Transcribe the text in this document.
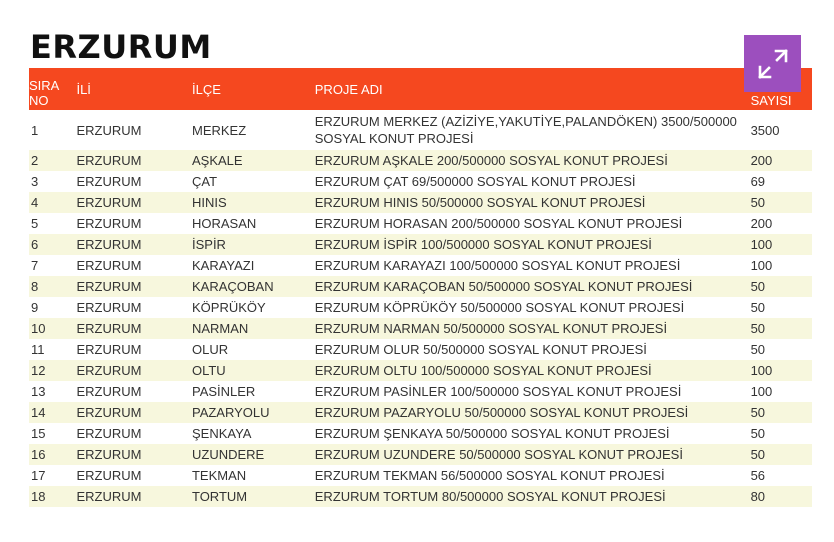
ERZURUM
SIRA NO	İLİ	İLÇE	PROJE ADI	SAYISI
1	ERZURUM	MERKEZ	ERZURUM MERKEZ (AZİZİYE,YAKUTİYE,PALANDÖKEN) 3500/500000 SOSYAL KONUT PROJESİ	3500
2	ERZURUM	AŞKALE	ERZURUM AŞKALE 200/500000 SOSYAL KONUT PROJESİ	200
3	ERZURUM	ÇAT	ERZURUM ÇAT 69/500000 SOSYAL KONUT PROJESİ	69
4	ERZURUM	HINIS	ERZURUM HINIS 50/500000 SOSYAL KONUT PROJESİ	50
5	ERZURUM	HORASAN	ERZURUM HORASAN 200/500000 SOSYAL KONUT PROJESİ	200
6	ERZURUM	İSPİR	ERZURUM İSPİR 100/500000 SOSYAL KONUT PROJESİ	100
7	ERZURUM	KARAYAZI	ERZURUM KARAYAZI 100/500000 SOSYAL KONUT PROJESİ	100
8	ERZURUM	KARAÇOBAN	ERZURUM KARAÇOBAN 50/500000 SOSYAL KONUT PROJESİ	50
9	ERZURUM	KÖPRÜKÖY	ERZURUM KÖPRÜKÖY 50/500000 SOSYAL KONUT PROJESİ	50
10	ERZURUM	NARMAN	ERZURUM NARMAN 50/500000 SOSYAL KONUT PROJESİ	50
11	ERZURUM	OLUR	ERZURUM OLUR 50/500000 SOSYAL KONUT PROJESİ	50
12	ERZURUM	OLTU	ERZURUM OLTU 100/500000 SOSYAL KONUT PROJESİ	100
13	ERZURUM	PASİNLER	ERZURUM PASİNLER 100/500000 SOSYAL KONUT PROJESİ	100
14	ERZURUM	PAZARYOLU	ERZURUM PAZARYOLU 50/500000 SOSYAL KONUT PROJESİ	50
15	ERZURUM	ŞENKAYA	ERZURUM ŞENKAYA 50/500000 SOSYAL KONUT PROJESİ	50
16	ERZURUM	UZUNDERE	ERZURUM UZUNDERE 50/500000 SOSYAL KONUT PROJESİ	50
17	ERZURUM	TEKMAN	ERZURUM TEKMAN 56/500000 SOSYAL KONUT PROJESİ	56
18	ERZURUM	TORTUM	ERZURUM TORTUM 80/500000 SOSYAL KONUT PROJESİ	80
